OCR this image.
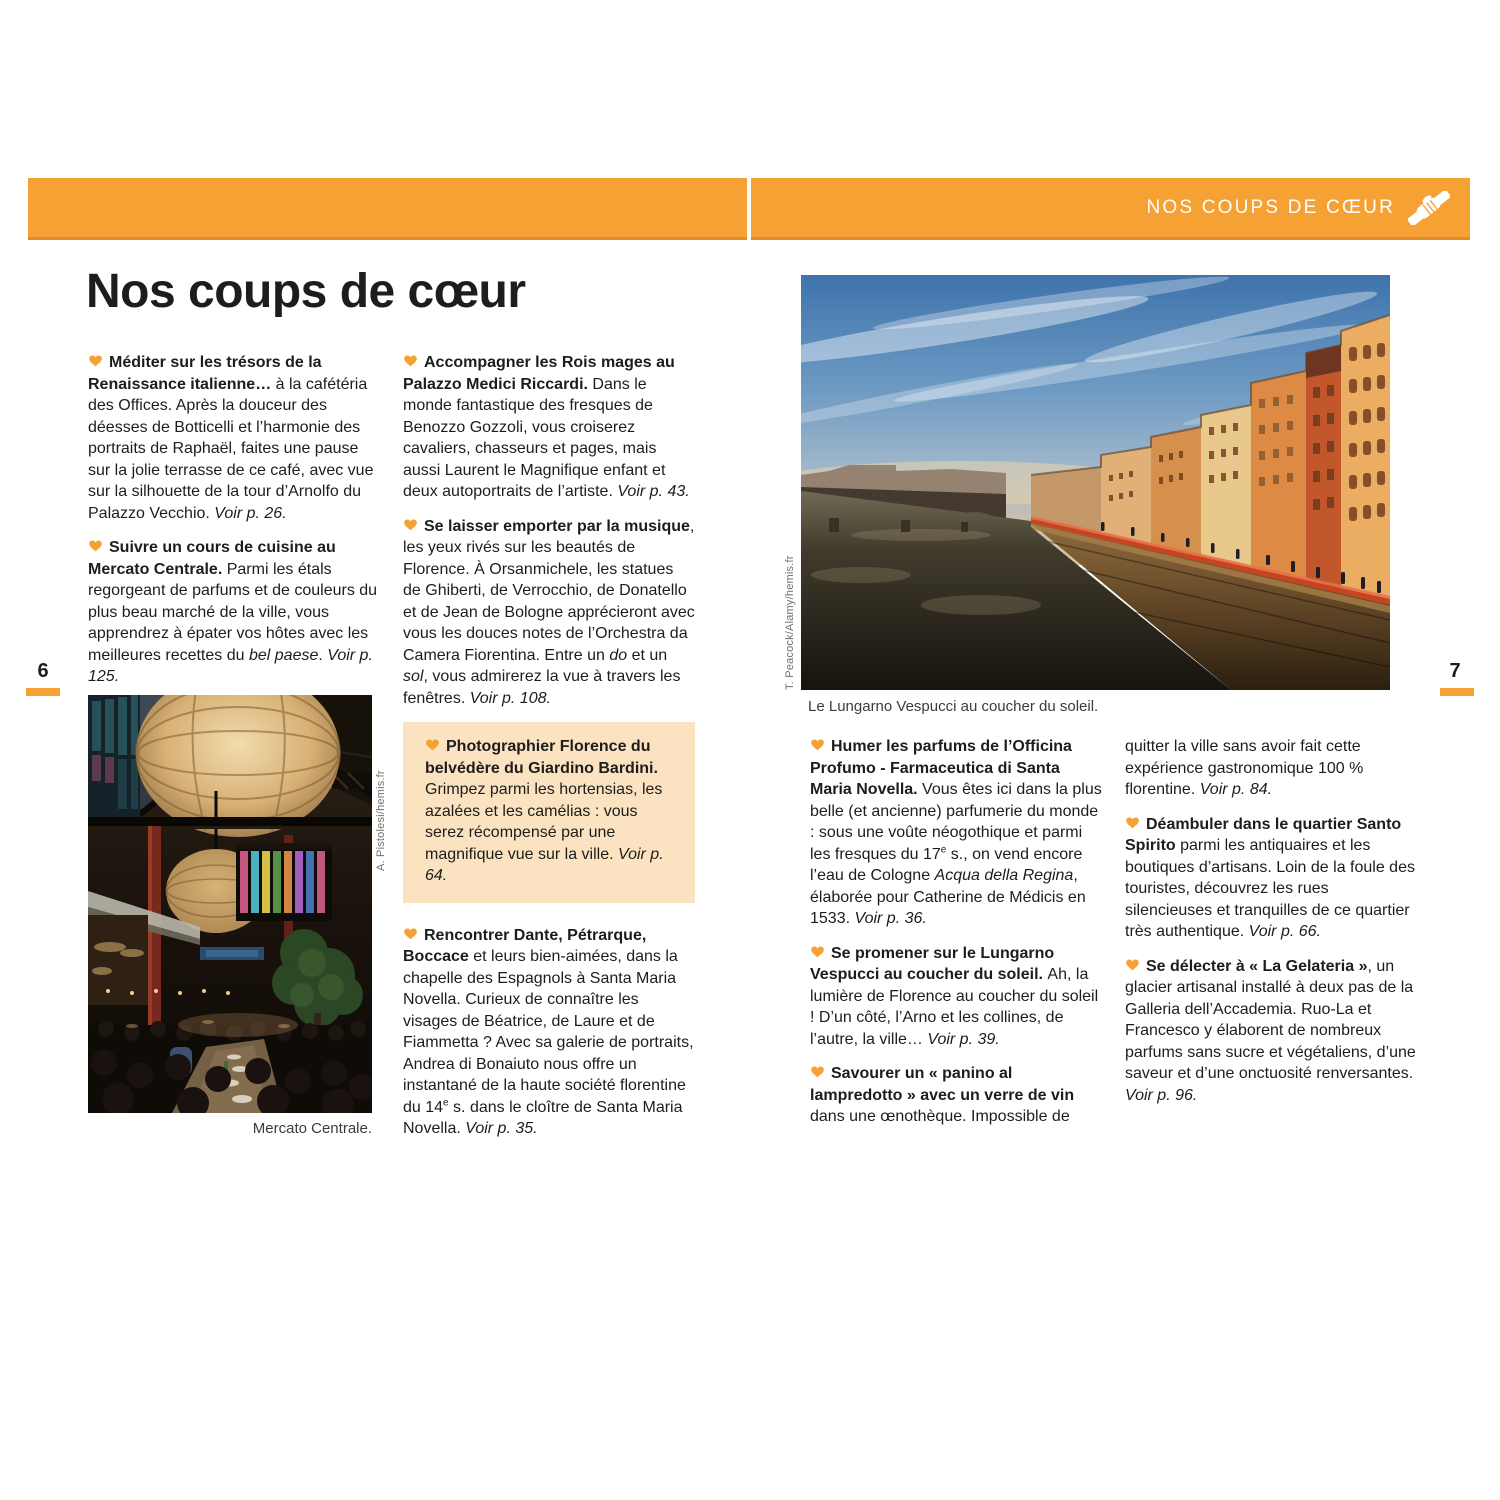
NOS COUPS DE CŒUR
Nos coups de cœur
6	7

Méditer sur les trésors de la Renaissance italienne… à la cafétéria des Offices. Après la douceur des déesses de Botticelli et l’harmonie des portraits de Raphaël, faites une pause sur la jolie terrasse de ce café, avec vue sur la silhouette de la tour d’Arnolfo du Palazzo Vecchio. Voir p. 26.

Suivre un cours de cuisine au Mercato Centrale. Parmi les étals regorgeant de parfums et de couleurs du plus beau marché de la ville, vous apprendrez à épater vos hôtes avec les meilleures recettes du bel paese. Voir p. 125.

Accompagner les Rois mages au Palazzo Medici Riccardi. Dans le monde fantastique des fresques de Benozzo Gozzoli, vous croiserez cavaliers, chasseurs et pages, mais aussi Laurent le Magnifique enfant et deux autoportraits de l’artiste. Voir p. 43.

Se laisser emporter par la musique, les yeux rivés sur les beautés de Florence. À Orsanmichele, les statues de Ghiberti, de Verrocchio, de Donatello et de Jean de Bologne apprécieront avec vous les douces notes de l’Orchestra da Camera Fiorentina. Entre un do et un sol, vous admirerez la vue à travers les fenêtres. Voir p. 108.

Photographier Florence du belvédère du Giardino Bardini. Grimpez parmi les hortensias, les azalées et les camélias : vous serez récompensé par une magnifique vue sur la ville. Voir p. 64.

Rencontrer Dante, Pétrarque, Boccace et leurs bien-aimées, dans la chapelle des Espagnols à Santa Maria Novella. Curieux de connaître les visages de Béatrice, de Laure et de Fiammetta ? Avec sa galerie de portraits, Andrea di Bonaiuto nous offre un instantané de la haute société florentine du 14e s. dans le cloître de Santa Maria Novella. Voir p. 35.

A. Pistolesi/hemis.fr
Mercato Centrale.
T. Peacock/Alamy/hemis.fr
Le Lungarno Vespucci au coucher du soleil.

Humer les parfums de l’Officina Profumo - Farmaceutica di Santa Maria Novella. Vous êtes ici dans la plus belle (et ancienne) parfumerie du monde : sous une voûte néogothique et parmi les fresques du 17e s., on vend encore l’eau de Cologne Acqua della Regina, élaborée pour Catherine de Médicis en 1533. Voir p. 36.

Se promener sur le Lungarno Vespucci au coucher du soleil. Ah, la lumière de Florence au coucher du soleil ! D’un côté, l’Arno et les collines, de l’autre, la ville… Voir p. 39.

Savourer un « panino al lampredotto » avec un verre de vin dans une œnothèque. Impossible de

quitter la ville sans avoir fait cette expérience gastronomique 100 % florentine. Voir p. 84.

Déambuler dans le quartier Santo Spirito parmi les antiquaires et les boutiques d’artisans. Loin de la foule des touristes, découvrez les rues silencieuses et tranquilles de ce quartier très authentique. Voir p. 66.

Se délecter à « La Gelateria », un glacier artisanal installé à deux pas de la Galleria dell’Accademia. Ruo-La et Francesco y élaborent de nombreux parfums sans sucre et végétaliens, d’une saveur et d’une onctuosité renversantes. Voir p. 96.
